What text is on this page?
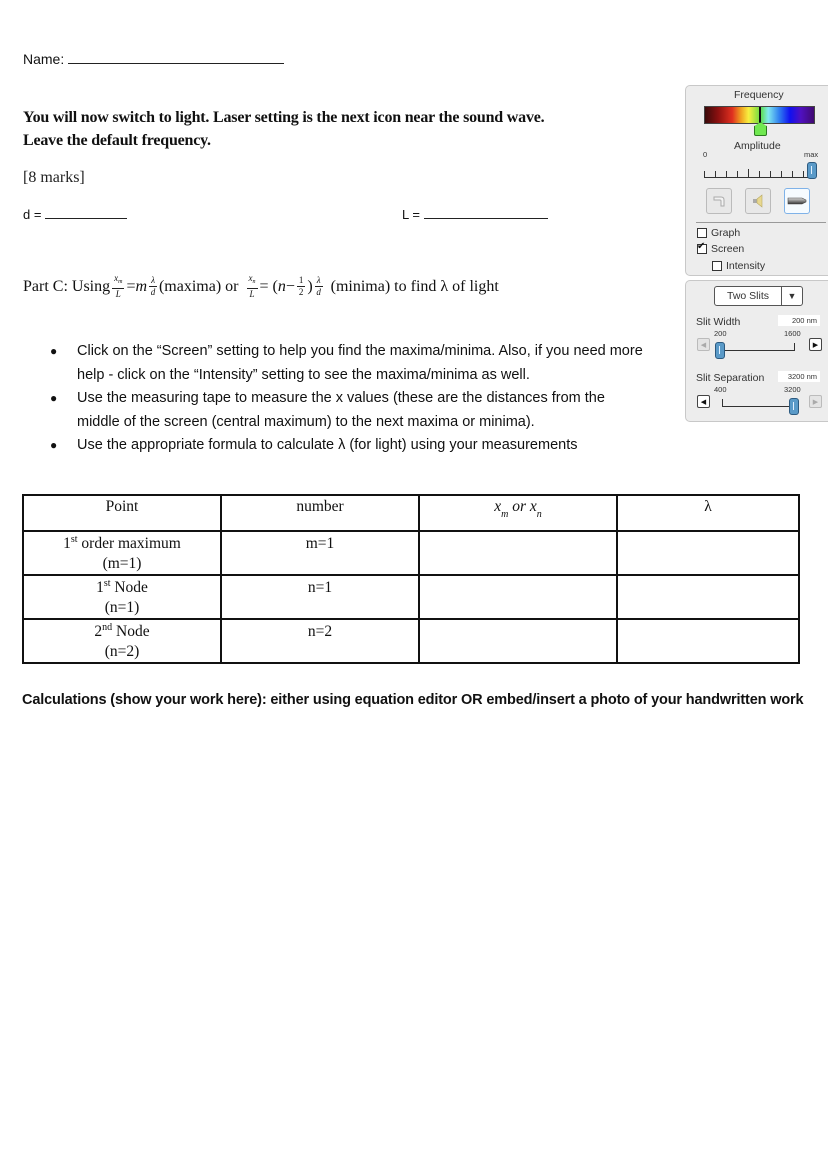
Name:
You will now switch to light. Laser setting is the next icon near the sound wave.
Leave the default frequency.
[8 marks]
d =	L =
Part C: Using $\frac{x_m}{L} = m \frac{\lambda}{d}$ (maxima) or $\frac{x_n}{L}$ = ( $n - \frac{1}{2}$ ) $\frac{\lambda}{d}$ (minima) to find λ of light
●	Click on the “Screen” setting to help you find the maxima/minima. Also, if you need more help - click on the “Intensity” setting to see the maxima/minima as well.
●	Use the measuring tape to measure the x values (these are the distances from the middle of the screen (central maximum) to the next maxima or minima).
●	Use the appropriate formula to calculate λ (for light) using your measurements
Point	number	$x_m$ or $x_n$	λ
1st order maximum
(m=1)	m=1		
1st Node
(n=1)	n=1		
2nd Node
(n=2)	n=2		
Calculations (show your work here): either using equation editor OR embed/insert a photo of your handwritten work
Frequency
Amplitude
0	max
Graph
✔
Screen
Intensity
Two Slits	▼
Slit Width	200 nm
200	1600
◀	▶
Slit Separation	3200 nm
400	3200
◀	▶
